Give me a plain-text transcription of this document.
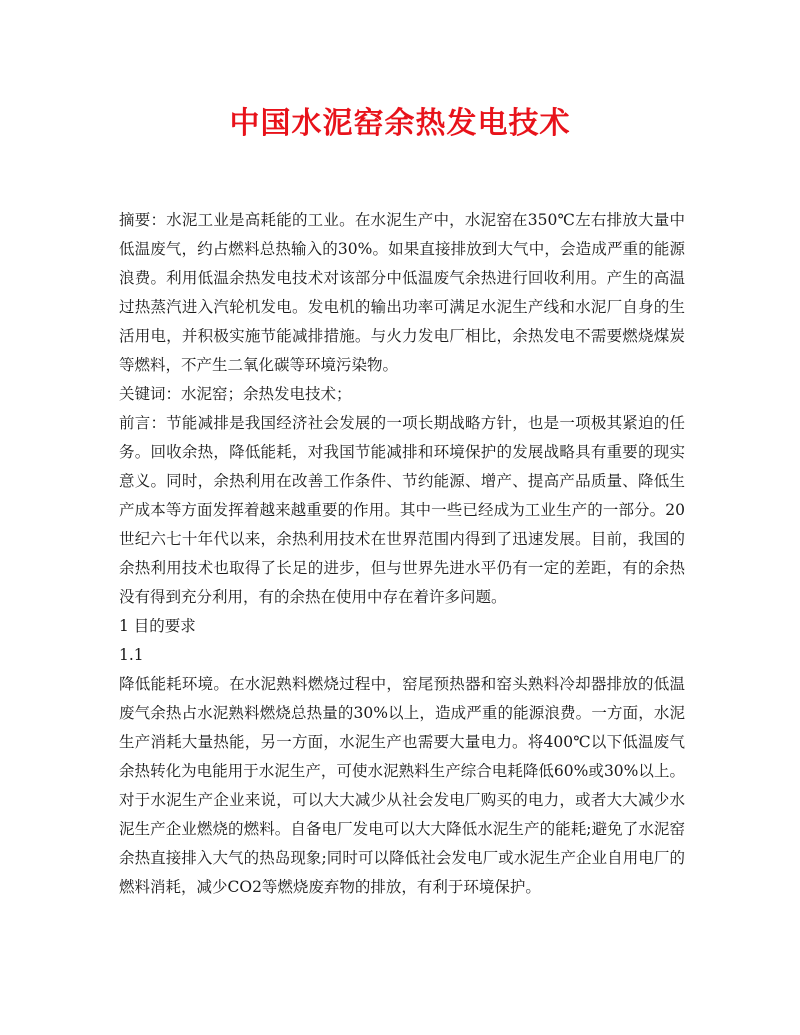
中国水泥窑余热发电技术

摘要：水泥工业是高耗能的工业。在水泥生产中，水泥窑在350℃左右排放大量中低温废气，约占燃料总热输入的30%。如果直接排放到大气中，会造成严重的能源浪费。利用低温余热发电技术对该部分中低温废气余热进行回收利用。产生的高温过热蒸汽进入汽轮机发电。发电机的输出功率可满足水泥生产线和水泥厂自身的生活用电，并积极实施节能减排措施。与火力发电厂相比，余热发电不需要燃烧煤炭等燃料，不产生二氧化碳等环境污染物。

关键词：水泥窑；余热发电技术；

前言：节能减排是我国经济社会发展的一项长期战略方针，也是一项极其紧迫的任务。回收余热，降低能耗，对我国节能减排和环境保护的发展战略具有重要的现实意义。同时，余热利用在改善工作条件、节约能源、增产、提高产品质量、降低生产成本等方面发挥着越来越重要的作用。其中一些已经成为工业生产的一部分。20世纪六七十年代以来，余热利用技术在世界范围内得到了迅速发展。目前，我国的余热利用技术也取得了长足的进步，但与世界先进水平仍有一定的差距，有的余热没有得到充分利用，有的余热在使用中存在着许多问题。

1 目的要求

1.1

降低能耗环境。在水泥熟料燃烧过程中，窑尾预热器和窑头熟料冷却器排放的低温废气余热占水泥熟料燃烧总热量的30%以上，造成严重的能源浪费。一方面，水泥生产消耗大量热能，另一方面，水泥生产也需要大量电力。将400℃以下低温废气余热转化为电能用于水泥生产，可使水泥熟料生产综合电耗降低60%或30%以上。对于水泥生产企业来说，可以大大减少从社会发电厂购买的电力，或者大大减少水泥生产企业燃烧的燃料。自备电厂发电可以大大降低水泥生产的能耗;避免了水泥窑余热直接排入大气的热岛现象;同时可以降低社会发电厂或水泥生产企业自用电厂的燃料消耗，减少CO2等燃烧废弃物的排放，有利于环境保护。
